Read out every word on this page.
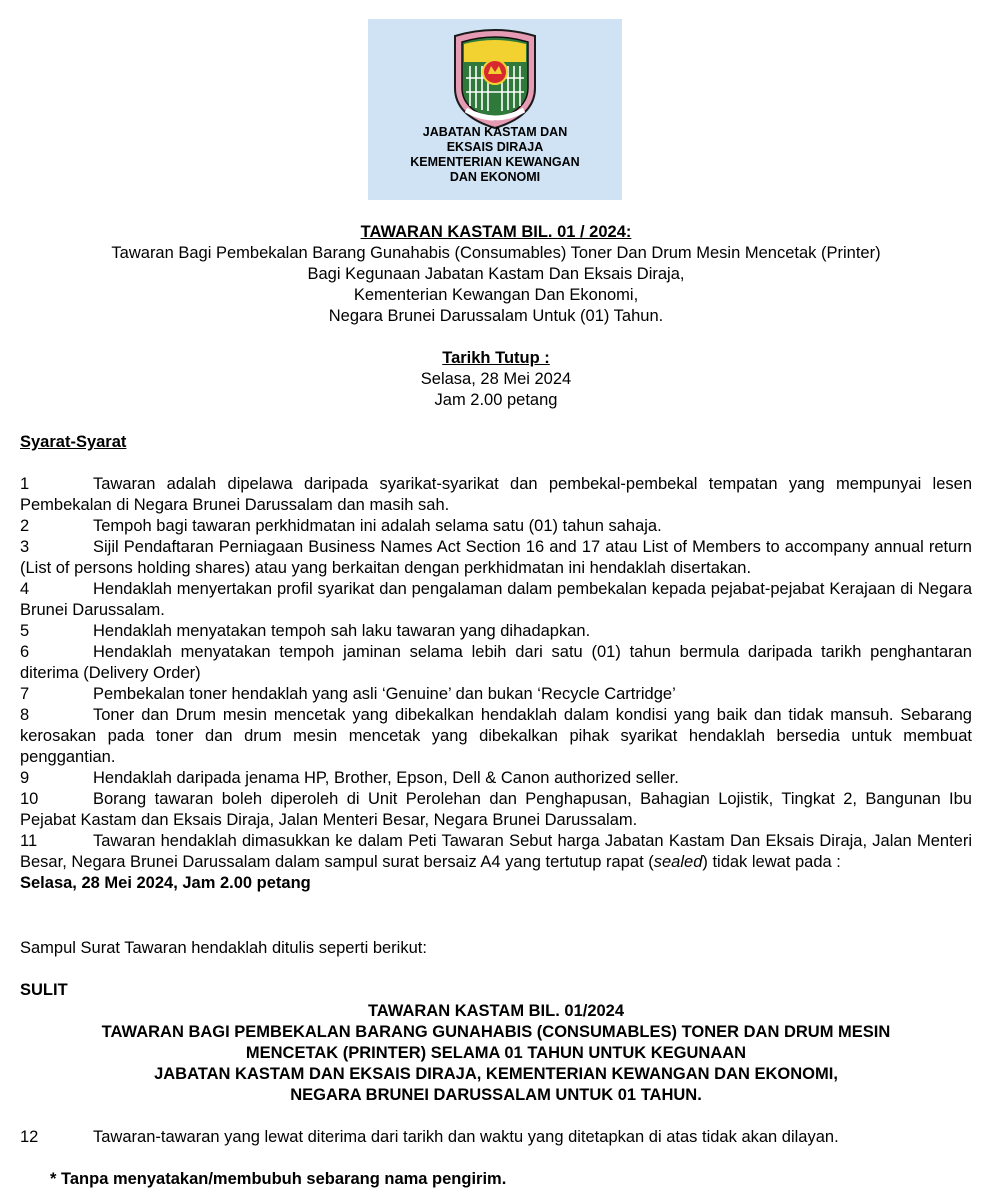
JABATAN KASTAM DAN
EKSAIS DIRAJA
KEMENTERIAN KEWANGAN
DAN EKONOMI
TAWARAN KASTAM BIL. 01 / 2024:
Tawaran Bagi Pembekalan Barang Gunahabis (Consumables) Toner Dan Drum Mesin Mencetak (Printer)
Bagi Kegunaan Jabatan Kastam Dan Eksais Diraja,
Kementerian Kewangan Dan Ekonomi,
Negara Brunei Darussalam Untuk (01) Tahun.
Tarikh Tutup :
Selasa, 28 Mei 2024
Jam 2.00 petang
Syarat-Syarat
1	Tawaran adalah dipelawa daripada syarikat-syarikat dan pembekal-pembekal tempatan yang mempunyai lesen Pembekalan di Negara Brunei Darussalam dan masih sah.
2	Tempoh bagi tawaran perkhidmatan ini adalah selama satu (01) tahun sahaja.
3	Sijil Pendaftaran Perniagaan Business Names Act Section 16 and 17 atau List of Members to accompany annual return (List of persons holding shares) atau yang berkaitan dengan perkhidmatan ini hendaklah disertakan.
4	Hendaklah menyertakan profil syarikat dan pengalaman dalam pembekalan kepada pejabat-pejabat Kerajaan di Negara Brunei Darussalam.
5	Hendaklah menyatakan tempoh sah laku tawaran yang dihadapkan.
6	Hendaklah menyatakan tempoh jaminan selama lebih dari satu (01) tahun bermula daripada tarikh penghantaran diterima (Delivery Order)
7	Pembekalan toner hendaklah yang asli ‘Genuine’ dan bukan ‘Recycle Cartridge’
8	Toner dan Drum mesin mencetak yang dibekalkan hendaklah dalam kondisi yang baik dan tidak mansuh. Sebarang kerosakan pada toner dan drum mesin mencetak yang dibekalkan pihak syarikat hendaklah bersedia untuk membuat penggantian.
9	Hendaklah daripada jenama HP, Brother, Epson, Dell & Canon authorized seller.
10	Borang tawaran boleh diperoleh di Unit Perolehan dan Penghapusan, Bahagian Lojistik, Tingkat 2, Bangunan Ibu Pejabat Kastam dan Eksais Diraja, Jalan Menteri Besar, Negara Brunei Darussalam.
11	Tawaran hendaklah dimasukkan ke dalam Peti Tawaran Sebut harga Jabatan Kastam Dan Eksais Diraja, Jalan Menteri Besar, Negara Brunei Darussalam dalam sampul surat bersaiz A4 yang tertutup rapat (sealed) tidak lewat pada :
Selasa, 28 Mei 2024, Jam 2.00 petang
Sampul Surat Tawaran hendaklah ditulis seperti berikut:
SULIT
TAWARAN KASTAM BIL. 01/2024
TAWARAN BAGI PEMBEKALAN BARANG GUNAHABIS (CONSUMABLES) TONER DAN DRUM MESIN
MENCETAK (PRINTER) SELAMA 01 TAHUN UNTUK KEGUNAAN
JABATAN KASTAM DAN EKSAIS DIRAJA, KEMENTERIAN KEWANGAN DAN EKONOMI,
NEGARA BRUNEI DARUSSALAM UNTUK 01 TAHUN.
12	Tawaran-tawaran yang lewat diterima dari tarikh dan waktu yang ditetapkan di atas tidak akan dilayan.
* Tanpa menyatakan/membubuh sebarang nama pengirim.
